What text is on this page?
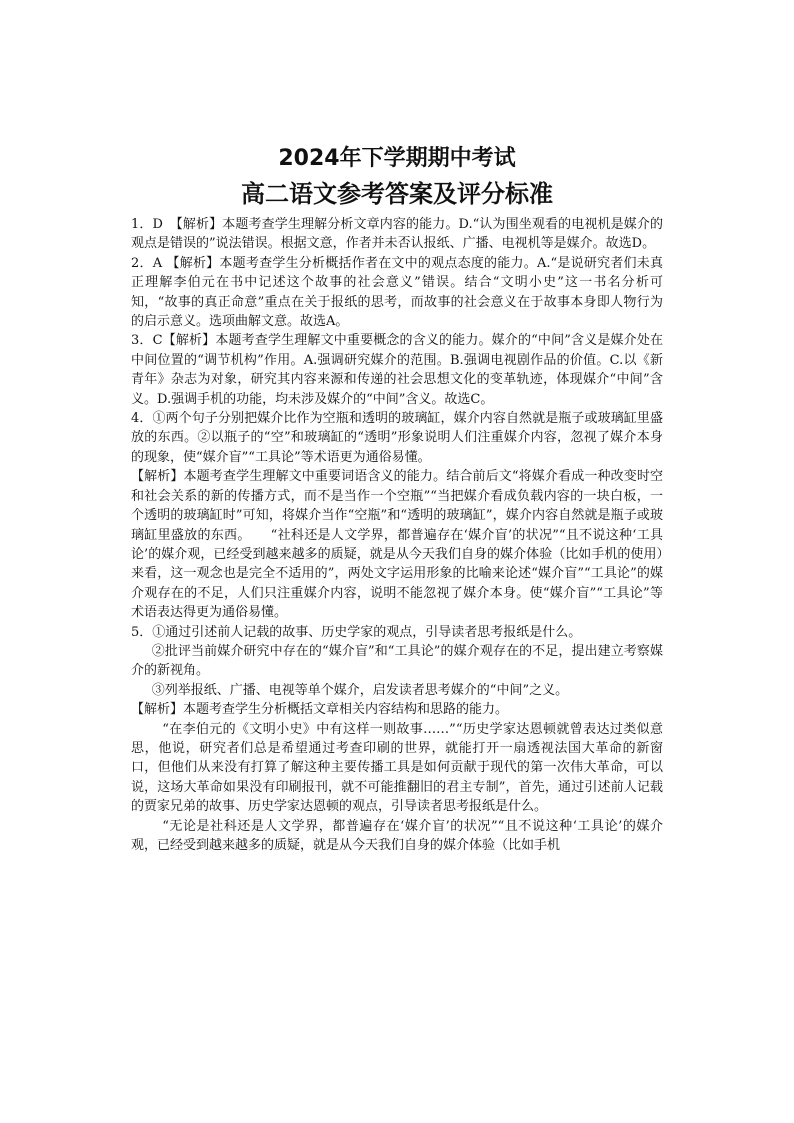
2024年下学期期中考试
高二语文参考答案及评分标准

1．D　【解析】本题考查学生理解分析文章内容的能力。D.“认为围坐观看的电视机是媒介的观点是错误的”说法错误。根据文意，作者并未否认报纸、广播、电视机等是媒介。故选D。

2．A 【解析】本题考查学生分析概括作者在文中的观点态度的能力。A.“是说研究者们未真正理解李伯元在书中记述这个故事的社会意义”错误。结合“文明小史”这一书名分析可知，“故事的真正命意”重点在关于报纸的思考，而故事的社会意义在于故事本身即人物行为的启示意义。选项曲解文意。故选A。

3．C【解析】本题考查学生理解文中重要概念的含义的能力。媒介的“中间”含义是媒介处在中间位置的“调节机构”作用。A.强调研究媒介的范围。B.强调电视剧作品的价值。C.以《新青年》杂志为对象，研究其内容来源和传递的社会思想文化的变革轨迹，体现媒介“中间”含义。D.强调手机的功能，均未涉及媒介的“中间”含义。故选C。

4．①两个句子分别把媒介比作为空瓶和透明的玻璃缸，媒介内容自然就是瓶子或玻璃缸里盛放的东西。②以瓶子的“空”和玻璃缸的“透明”形象说明人们注重媒介内容，忽视了媒介本身的现象，使“媒介盲”“工具论”等术语更为通俗易懂。

【解析】本题考查学生理解文中重要词语含义的能力。结合前后文“将媒介看成一种改变时空和社会关系的新的传播方式，而不是当作一个空瓶”“当把媒介看成负载内容的一块白板，一个透明的玻璃缸时”可知，将媒介当作“空瓶”和“透明的玻璃缸”，媒介内容自然就是瓶子或玻璃缸里盛放的东西。　　“社科还是人文学界，都普遍存在‘媒介盲’的状况”“且不说这种‘工具论’的媒介观，已经受到越来越多的质疑，就是从今天我们自身的媒介体验（比如手机的使用）来看，这一观念也是完全不适用的”，两处文字运用形象的比喻来论述“媒介盲”“工具论”的媒介观存在的不足，人们只注重媒介内容，说明不能忽视了媒介本身。使“媒介盲”“工具论”等术语表达得更为通俗易懂。

5．①通过引述前人记载的故事、历史学家的观点，引导读者思考报纸是什么。

②批评当前媒介研究中存在的“媒介盲”和“工具论”的媒介观存在的不足，提出建立考察媒介的新视角。

③列举报纸、广播、电视等单个媒介，启发读者思考媒介的“中间”之义。

【解析】本题考查学生分析概括文章相关内容结构和思路的能力。

“在李伯元的《文明小史》中有这样一则故事……”“历史学家达恩顿就曾表达过类似意思，他说，研究者们总是希望通过考查印刷的世界，就能打开一扇透视法国大革命的新窗口，但他们从来没有打算了解这种主要传播工具是如何贡献于现代的第一次伟大革命，可以说，这场大革命如果没有印刷报刊，就不可能推翻旧的君主专制”，首先，通过引述前人记载的贾家兄弟的故事、历史学家达恩顿的观点，引导读者思考报纸是什么。

“无论是社科还是人文学界，都普遍存在‘媒介盲’的状况”“且不说这种‘工具论’的媒介观，已经受到越来越多的质疑，就是从今天我们自身的媒介体验（比如手机
